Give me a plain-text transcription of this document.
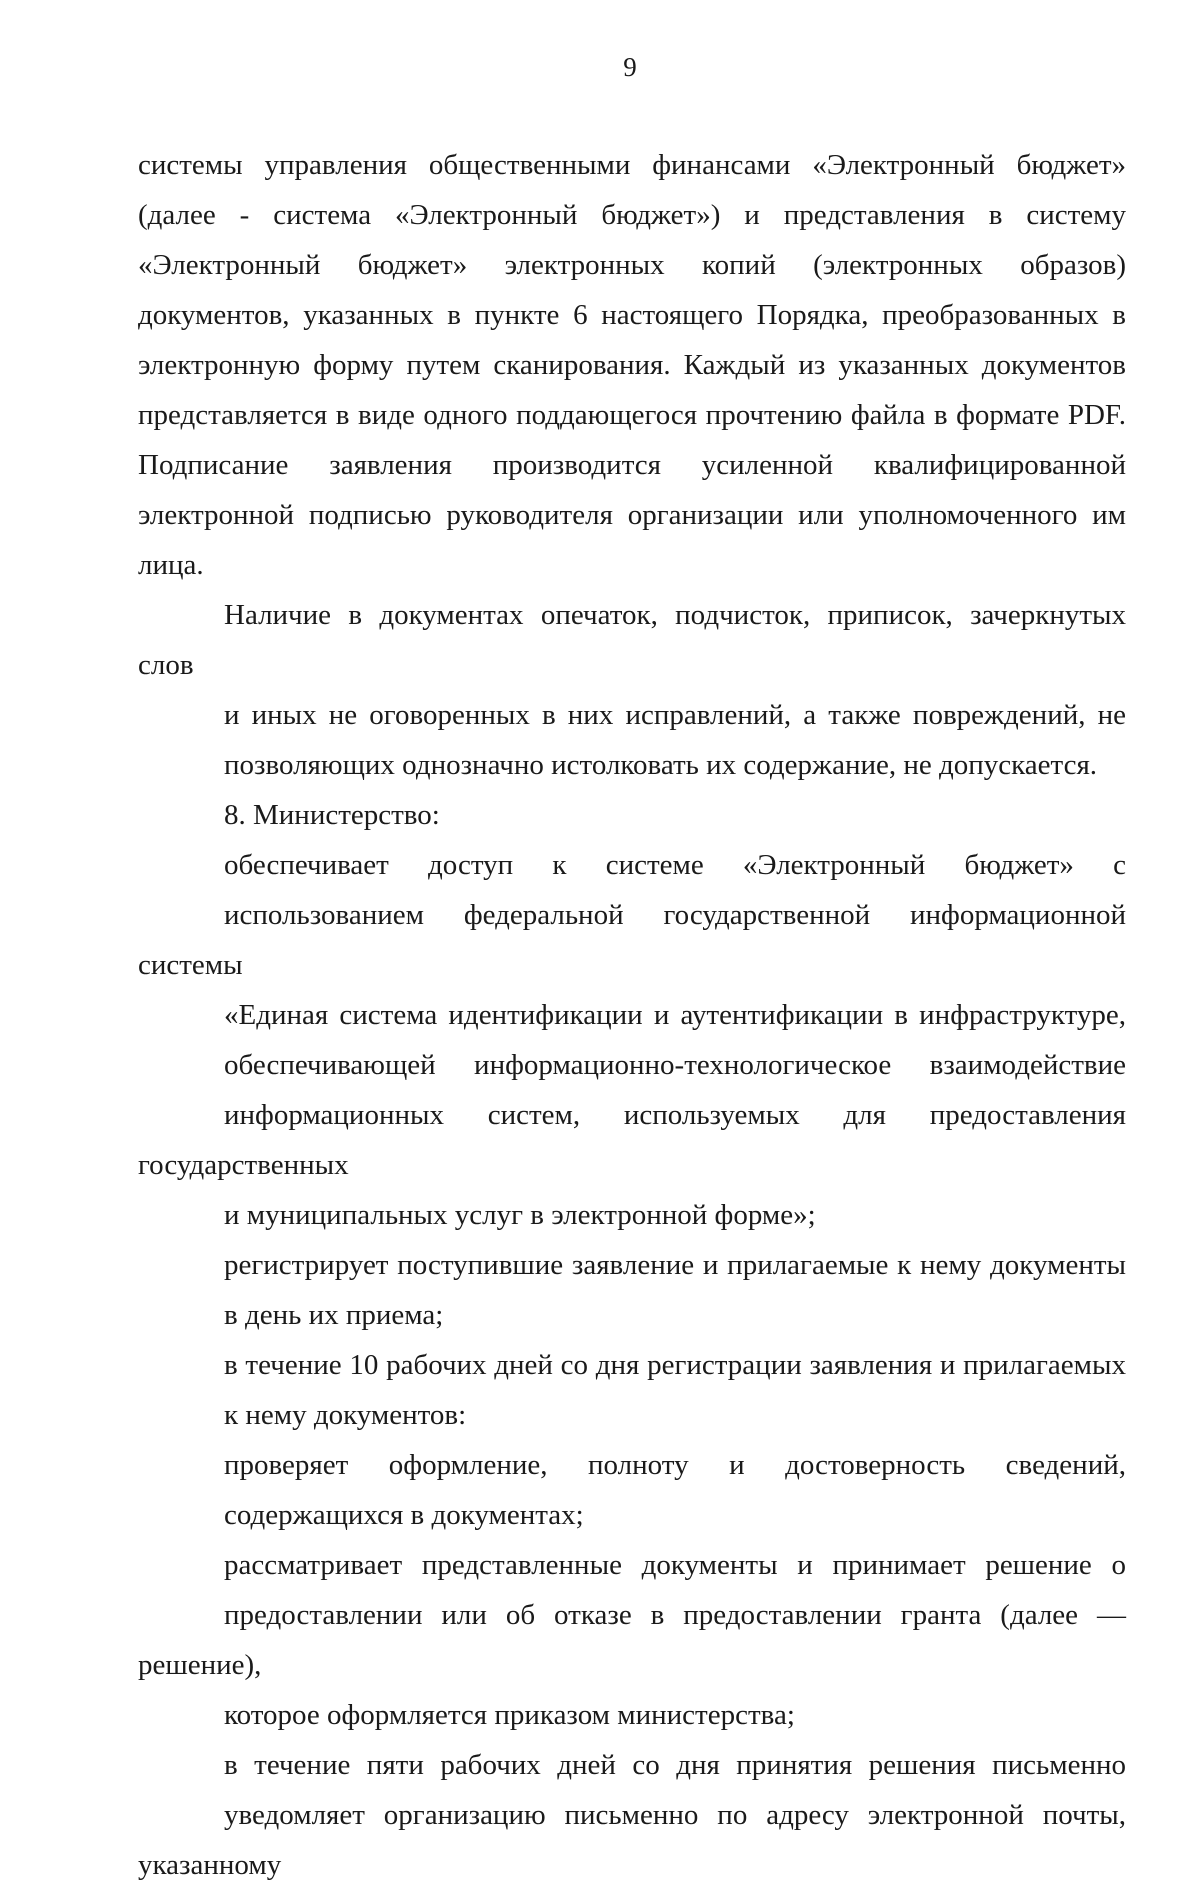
9

системы управления общественными финансами «Электронный бюджет»
(далее - система «Электронный бюджет») и представления в систему
«Электронный бюджет» электронных копий (электронных образов)
документов, указанных в пункте 6 настоящего Порядка, преобразованных в
электронную форму путем сканирования. Каждый из указанных документов
представляется в виде одного поддающегося прочтению файла в формате PDF.
Подписание заявления производится усиленной квалифицированной
электронной подписью руководителя организации или уполномоченного им
лица.

Наличие в документах опечаток, подчисток, приписок, зачеркнутых слов
и иных не оговоренных в них исправлений, а также повреждений, не
позволяющих однозначно истолковать их содержание, не допускается.

8. Министерство:

обеспечивает доступ к системе «Электронный бюджет» с
использованием федеральной государственной информационной системы
«Единая система идентификации и аутентификации в инфраструктуре,
обеспечивающей информационно-технологическое взаимодействие
информационных систем, используемых для предоставления государственных
и муниципальных услуг в электронной форме»;

регистрирует поступившие заявление и прилагаемые к нему документы
в день их приема;

в течение 10 рабочих дней со дня регистрации заявления и прилагаемых
к нему документов:

проверяет оформление, полноту и достоверность сведений,
содержащихся в документах;

рассматривает представленные документы и принимает решение о
предоставлении или об отказе в предоставлении гранта (далее — решение),
которое оформляется приказом министерства;

в течение пяти рабочих дней со дня принятия решения письменно
уведомляет организацию письменно по адресу электронной почты, указанному
